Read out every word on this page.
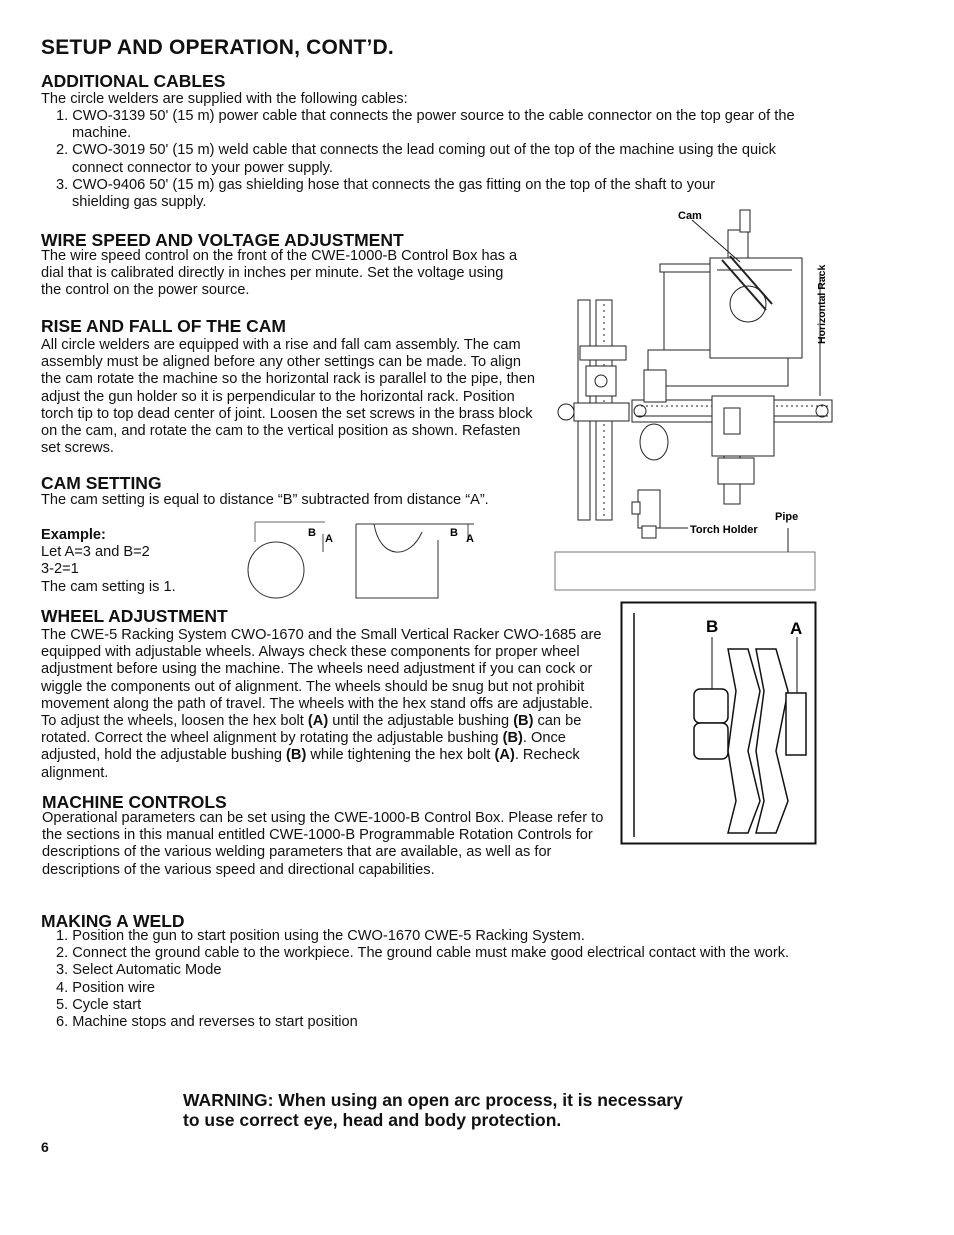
SETUP AND OPERATION, CONT’D.
ADDITIONAL CABLES

The circle welders are supplied with the following cables:

1. CWO-3139 50' (15 m) power cable that connects the power source to the cable connector on the top gear of the machine.
2. CWO-3019 50' (15 m) weld cable that connects the lead coming out of the top of the machine using the quick connect connector to your power supply.
3. CWO-9406 50' (15 m) gas shielding hose that connects the gas fitting on the top of the shaft to your shielding gas supply.
WIRE SPEED AND VOLTAGE ADJUSTMENT

The wire speed control on the front of the CWE-1000-B Control Box has a dial that is calibrated directly in inches per minute. Set the voltage using the control on the power source.

RISE AND FALL OF THE CAM

All circle welders are equipped with a rise and fall cam assembly. The cam assembly must be aligned before any other settings can be made. To align the cam rotate the machine so the horizontal rack is parallel to the pipe, then adjust the gun holder so it is perpendicular to the horizontal rack. Position torch tip to top dead center of joint. Loosen the set screws in the brass block on the cam, and rotate the cam to the vertical position as shown. Refasten set screws.

CAM SETTING

The cam setting is equal to distance “B” subtracted from distance “A”.

Example:
Let A=3 and B=2
3-2=1
The cam setting is 1.
B A	B A
Cam
Torch Holder
Pipe
Horizontal Rack
WHEEL ADJUSTMENT

The CWE-5 Racking System CWO-1670 and the Small Vertical Racker CWO-1685 are equipped with adjustable wheels. Always check these components for proper wheel adjustment before using the machine. The wheels need adjustment if you can cock or wiggle the components out of alignment. The wheels should be snug but not prohibit movement along the path of travel. The wheels with the hex stand offs are adjustable. To adjust the wheels, loosen the hex bolt (A) until the adjustable bushing (B) can be rotated. Correct the wheel alignment by rotating the adjustable bushing (B). Once adjusted, hold the adjustable bushing (B) while tightening the hex bolt (A). Recheck alignment.

B	A
MACHINE CONTROLS

Operational parameters can be set using the CWE-1000-B Control Box. Please refer to the sections in this manual entitled CWE-1000-B Programmable Rotation Controls for descriptions of the various welding parameters that are available, as well as for descriptions of the various speed and directional capabilities.

MAKING A WELD
1. Position the gun to start position using the CWO-1670 CWE-5 Racking System.
2. Connect the ground cable to the workpiece. The ground cable must make good electrical contact with the work.
3. Select Automatic Mode
4. Position wire
5. Cycle start
6. Machine stops and reverses to start position
WARNING: When using an open arc process, it is necessary
to use correct eye, head and body protection.
6
